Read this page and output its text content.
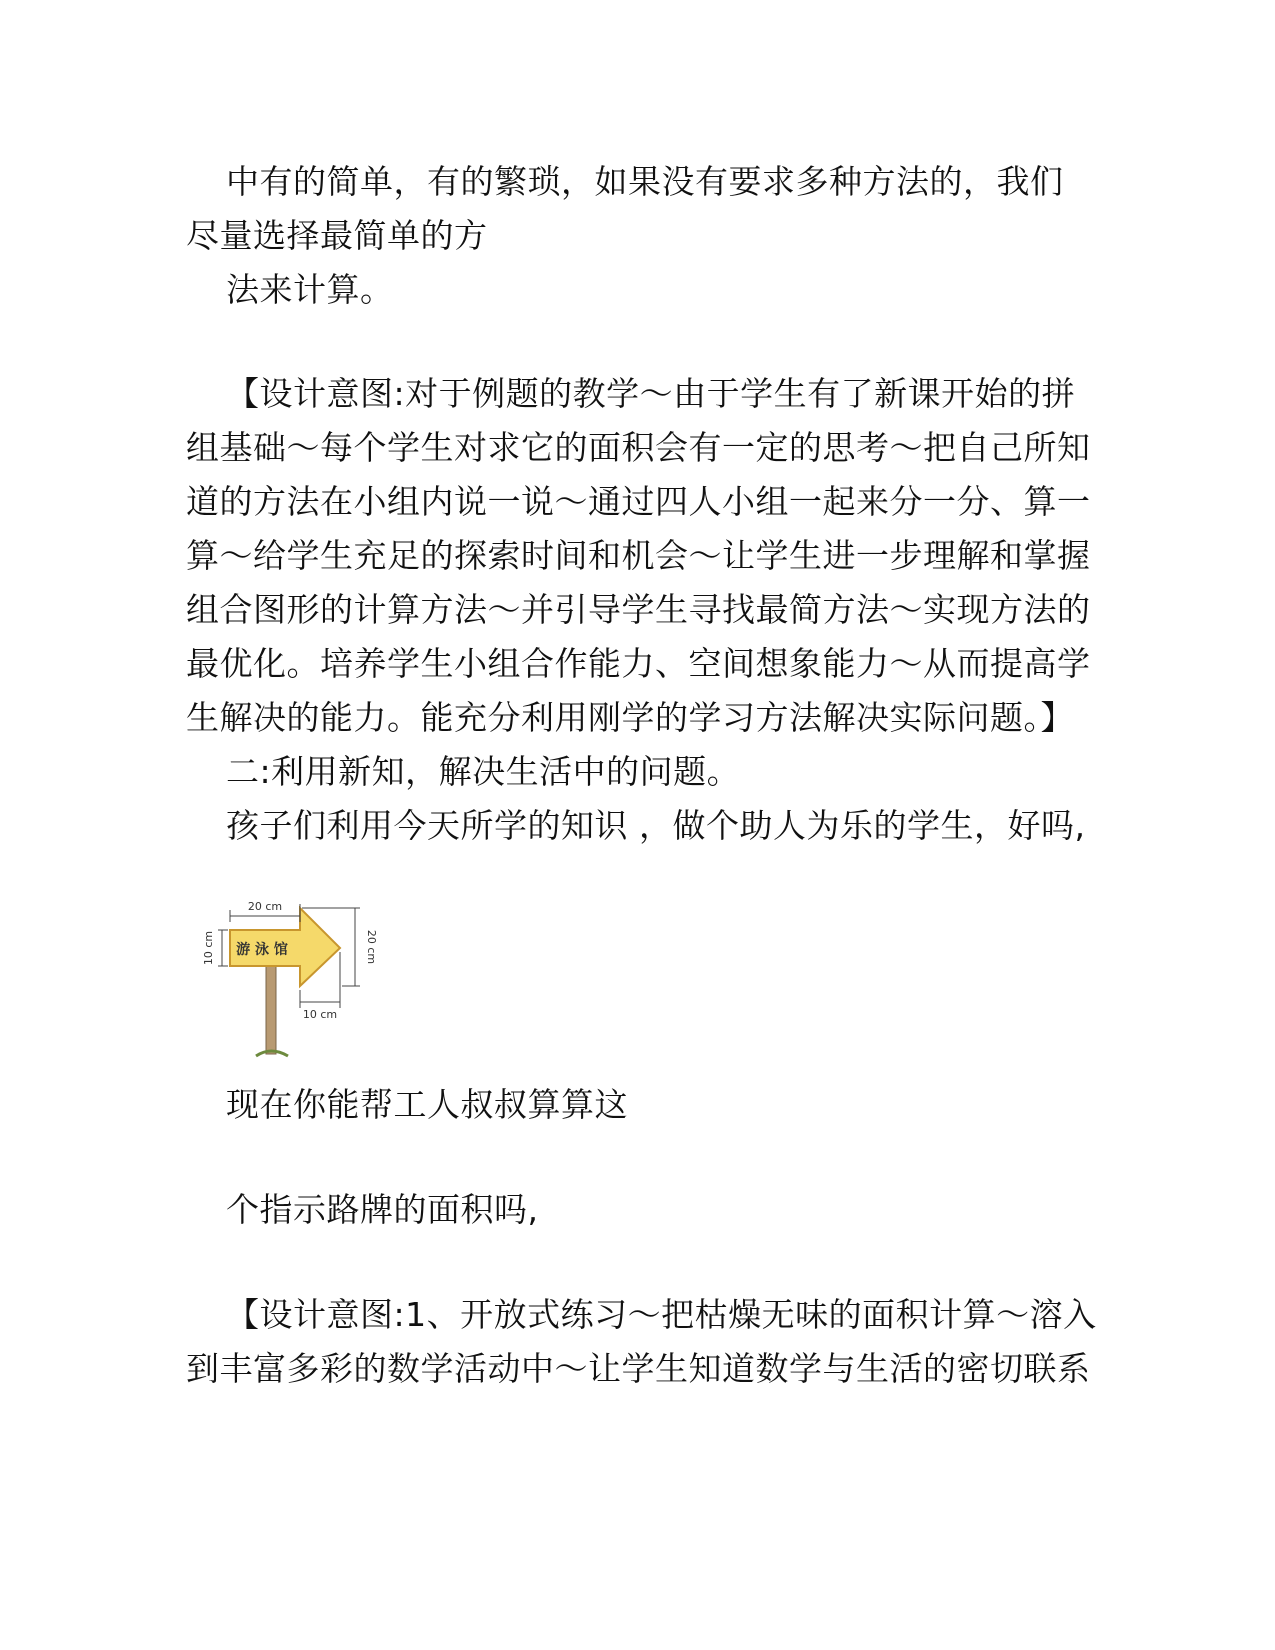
中有的简单，有的繁琐，如果没有要求多种方法的，我们
尽量选择最简单的方
法来计算。
【设计意图:对于例题的教学～由于学生有了新课开始的拼
组基础～每个学生对求它的面积会有一定的思考～把自己所知
道的方法在小组内说一说～通过四人小组一起来分一分、算一
算～给学生充足的探索时间和机会～让学生进一步理解和掌握
组合图形的计算方法～并引导学生寻找最简方法～实现方法的
最优化。培养学生小组合作能力、空间想象能力～从而提高学
生解决的能力。能充分利用刚学的学习方法解决实际问题。】
二:利用新知，解决生活中的问题。
孩子们利用今天所学的知识 ，做个助人为乐的学生，好吗,
游 泳 馆
20 cm
10 cm	20 cm
10 cm
现在你能帮工人叔叔算算这
个指示路牌的面积吗,
【设计意图:1、开放式练习～把枯燥无味的面积计算～溶入
到丰富多彩的数学活动中～让学生知道数学与生活的密切联系
